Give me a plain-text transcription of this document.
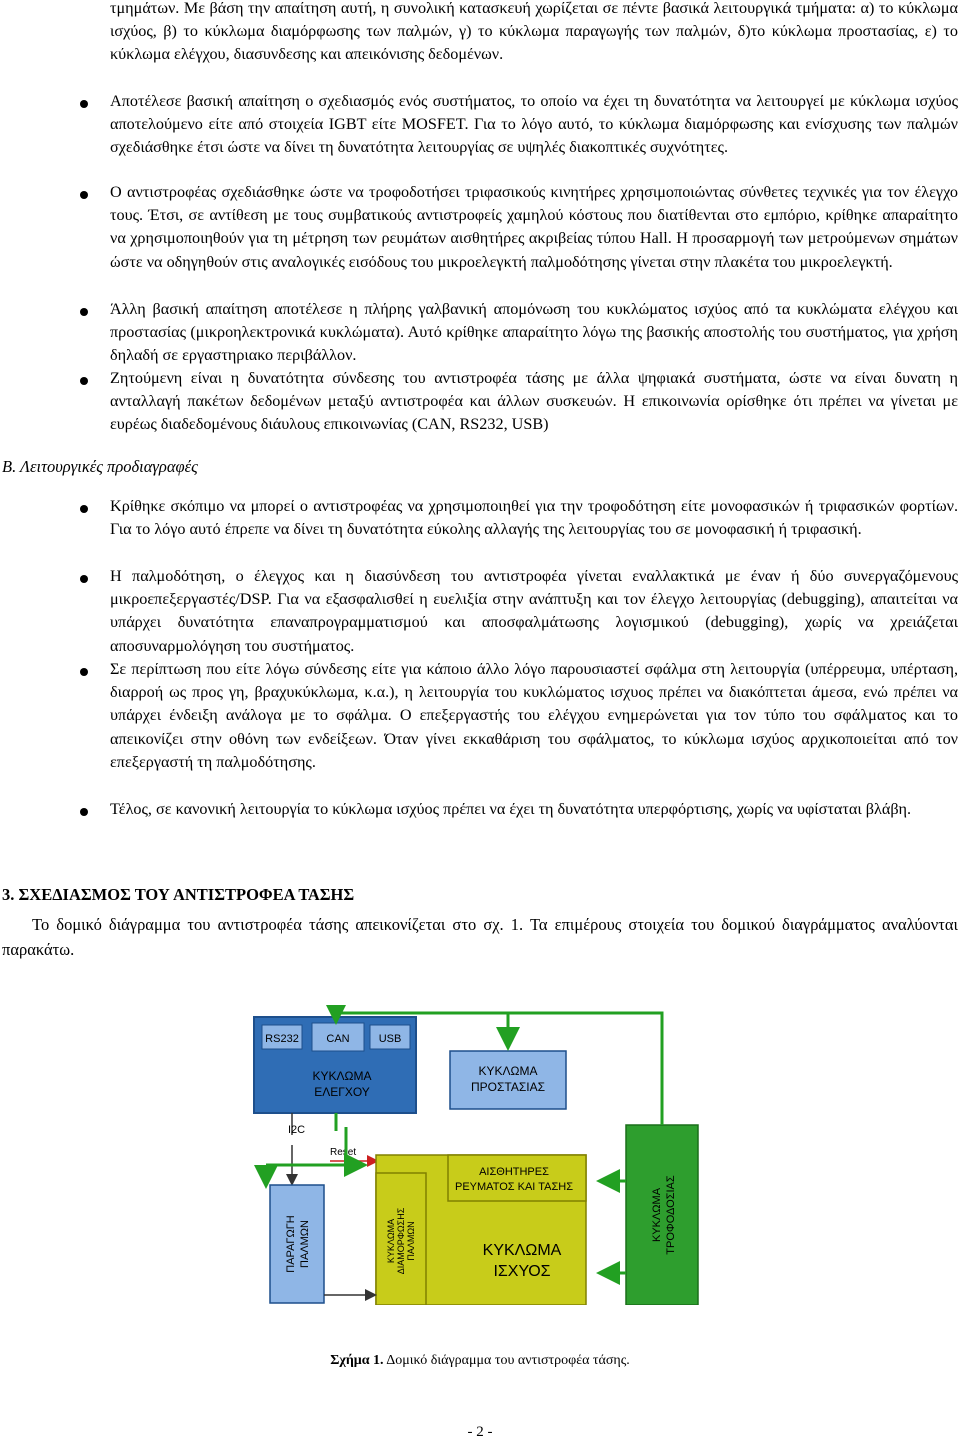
τμημάτων. Με βάση την απαίτηση αυτή, η συνολική κατασκευή χωρίζεται σε πέντε βασικά λειτουργικά τμήματα: α) το κύκλωμα ισχύος, β) το κύκλωμα διαμόρφωσης των παλμών, γ) το κύκλωμα παραγωγής των παλμών, δ)το κύκλωμα προστασίας, ε) το κύκλωμα ελέγχου, διασυνδεσης και απεικόνισης δεδομένων.

Αποτέλεσε βασική απαίτηση ο σχεδιασμός ενός συστήματος, το οποίο να έχει τη δυνατότητα να λειτουργεί με κύκλωμα ισχύος αποτελούμενο είτε από στοιχεία IGBT είτε MOSFET. Για το λόγο αυτό, το κύκλωμα διαμόρφωσης και ενίσχυσης των παλμών σχεδιάσθηκε έτσι ώστε να δίνει τη δυνατότητα λειτουργίας σε υψηλές διακοπτικές συχνότητες.

Ο αντιστροφέας σχεδιάσθηκε ώστε να τροφοδοτήσει τριφασικούς κινητήρες χρησιμοποιώντας σύνθετες τεχνικές για τον έλεγχο τους. Έτσι, σε αντίθεση με τους συμβατικούς αντιστροφείς χαμηλού κόστους που διατίθενται στο εμπόριο, κρίθηκε απαραίτητο να χρησιμοποιηθούν για τη μέτρηση των ρευμάτων αισθητήρες ακριβείας τύπου Hall. Η προσαρμογή των μετρούμενων σημάτων ώστε να οδηγηθούν στις αναλογικές εισόδους του μικροελεγκτή παλμοδότησης γίνεται στην πλακέτα του μικροελεγκτή.

Άλλη βασική απαίτηση αποτέλεσε η πλήρης γαλβανική απομόνωση του κυκλώματος ισχύος από τα κυκλώματα ελέγχου και προστασίας (μικροηλεκτρονικά κυκλώματα). Αυτό κρίθηκε απαραίτητο λόγω της βασικής αποστολής του συστήματος, για χρήση δηλαδή σε εργαστηριακο περιβάλλον.

Ζητούμενη είναι η δυνατότητα σύνδεσης του αντιστροφέα τάσης με άλλα ψηφιακά συστήματα, ώστε να είναι δυνατη η ανταλλαγή πακέτων δεδομένων μεταξύ αντιστροφέα και άλλων συσκευών. Η επικοινωνία ορίσθηκε ότι πρέπει να γίνεται με ευρέως διαδεδομένους διάυλους επικοινωνίας (CAN, RS232, USB)

Β. Λειτουργικές προδιαγραφές

Κρίθηκε σκόπιμο να μπορεί ο αντιστροφέας να χρησιμοποιηθεί για την τροφοδότηση είτε μονοφασικών ή τριφασικών φορτίων. Για το λόγο αυτό έπρεπε να δίνει τη δυνατότητα εύκολης αλλαγής της λειτουργίας του σε μονοφασική ή τριφασική.

Η παλμοδότηση, ο έλεγχος και η διασύνδεση του αντιστροφέα γίνεται εναλλακτικά με έναν ή δύο συνεργαζόμενους μικροεπεξεργαστές/DSP. Για να εξασφαλισθεί η ευελιξία στην ανάπτυξη και τον έλεγχο λειτουργίας (debugging), απαιτείται να υπάρχει δυνατότητα επαναπρογραμματισμού και αποσφαλμάτωσης λογισμικού (debugging), χωρίς να χρειάζεται αποσυναρμολόγηση του συστήματος.

Σε περίπτωση που είτε λόγω σύνδεσης είτε για κάποιο άλλο λόγο παρουσιαστεί σφάλμα στη λειτουργία (υπέρρευμα, υπέρταση, διαρροή ως προς γη, βραχυκύκλωμα, κ.α.), η λειτουργία του κυκλώματος ισχυος πρέπει να διακόπτεται άμεσα, ενώ πρέπει να υπάρχει ένδειξη ανάλογα με το σφάλμα. Ο επεξεργαστής του ελέγχου ενημερώνεται για τον τύπο του σφάλματος και το απεικονίζει στην οθόνη των ενδείξεων. Όταν γίνει εκκαθάριση του σφάλματος, το κύκλωμα ισχύος αρχικοποιείται από τον επεξεργαστή τη παλμοδότησης.

Τέλος, σε κανονική λειτουργία το κύκλωμα ισχύος πρέπει να έχει τη δυνατότητα υπερφόρτισης, χωρίς να υφίσταται βλάβη.

3. ΣΧΕΔΙΑΣΜΟΣ ΤΟΥ ΑΝΤΙΣΤΡΟΦΕΑ ΤΑΣΗΣ

Το δομικό διάγραμμα του αντιστροφέα τάσης απεικονίζεται στο σχ. 1. Τα επιμέρους στοιχεία του δομικού διαγράμματος αναλύονται παρακάτω.

RS232	CAN	USB
ΚΥΚΛΩΜΑ
ΕΛΕΓΧΟΥ
ΚΥΚΛΩΜΑ
ΠΡΟΣΤΑΣΙΑΣ
I2C
Reset
ΑΙΣΘΗΤΗΡΕΣ
ΡΕΥΜΑΤΟΣ ΚΑΙ ΤΑΣΗΣ
ΚΥΚΛΩΜΑ
ΙΣΧΥΟΣ
ΚΥΚΛΩΜΑ ΔΙΑΜΟΡΦΩΣΗΣ ΠΑΛΜΩΝ
ΠΑΡΑΓΩΓΗ ΠΑΛΜΩΝ
ΚΥΚΛΩΜΑ ΤΡΟΦΟΔΟΣΙΑΣ
Σχήμα 1. Δομικό διάγραμμα του αντιστροφέα τάσης.
- 2 -
